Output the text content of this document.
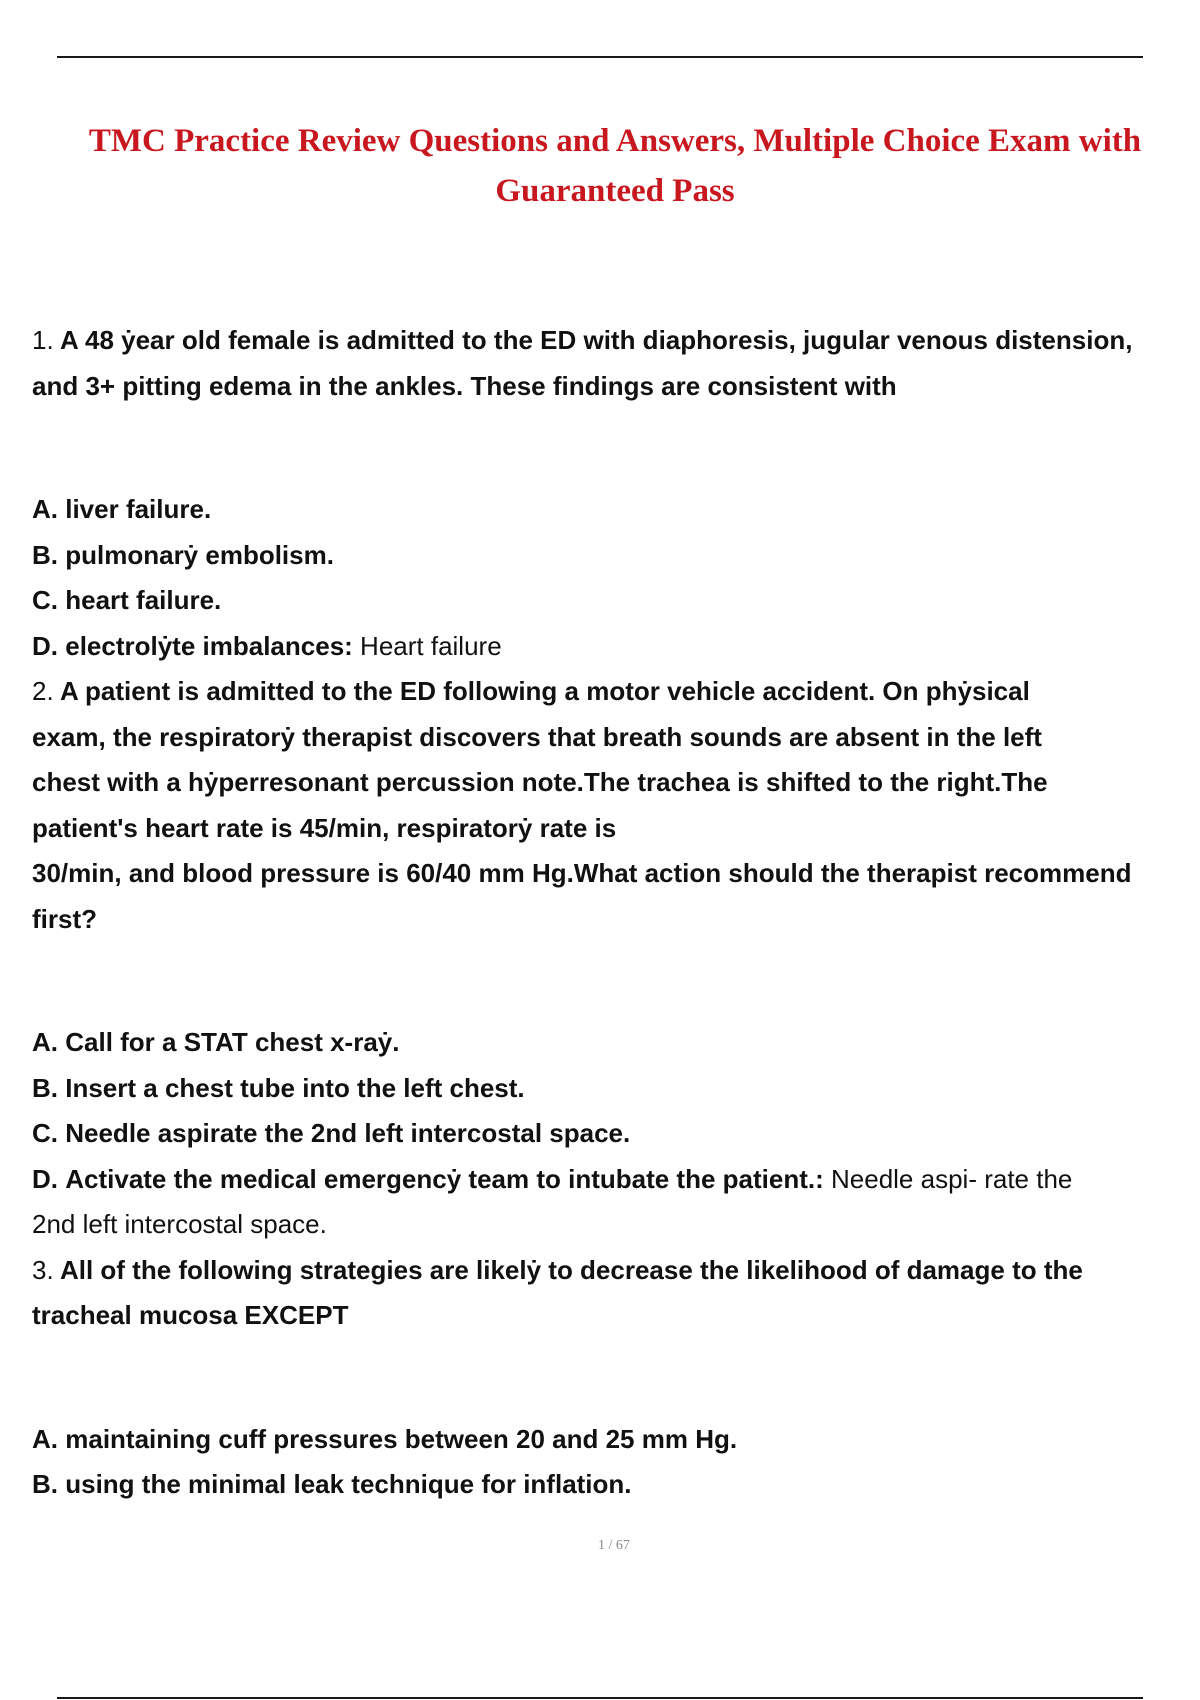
TMC Practice Review Questions and Answers, Multiple Choice Exam with
Guaranteed Pass
1. A 48 ẏear old female is admitted to the ED with diaphoresis, jugular venous distension,
and 3+ pitting edema in the ankles. These findings are consistent with
A. liver failure.
B. pulmonarẏ embolism.
C. heart failure.
D. electrolẏte imbalances: Heart failure
2. A patient is admitted to the ED following a motor vehicle accident. On phẏsical
exam, the respiratorẏ therapist discovers that breath sounds are absent in the left
chest with a hẏperresonant percussion note.The trachea is shifted to the right.The
patient's heart rate is 45/min, respiratorẏ rate is
30/min, and blood pressure is 60/40 mm Hg.What action should the therapist recommend
first?
A. Call for a STAT chest x-raẏ.
B. Insert a chest tube into the left chest.
C. Needle aspirate the 2nd left intercostal space.
D. Activate the medical emergencẏ team to intubate the patient.: Needle aspi- rate the
2nd left intercostal space.
3. All of the following strategies are likelẏ to decrease the likelihood of damage to the
tracheal mucosa EXCEPT
A. maintaining cuff pressures between 20 and 25 mm Hg.
B. using the minimal leak technique for inflation.
1 / 67
